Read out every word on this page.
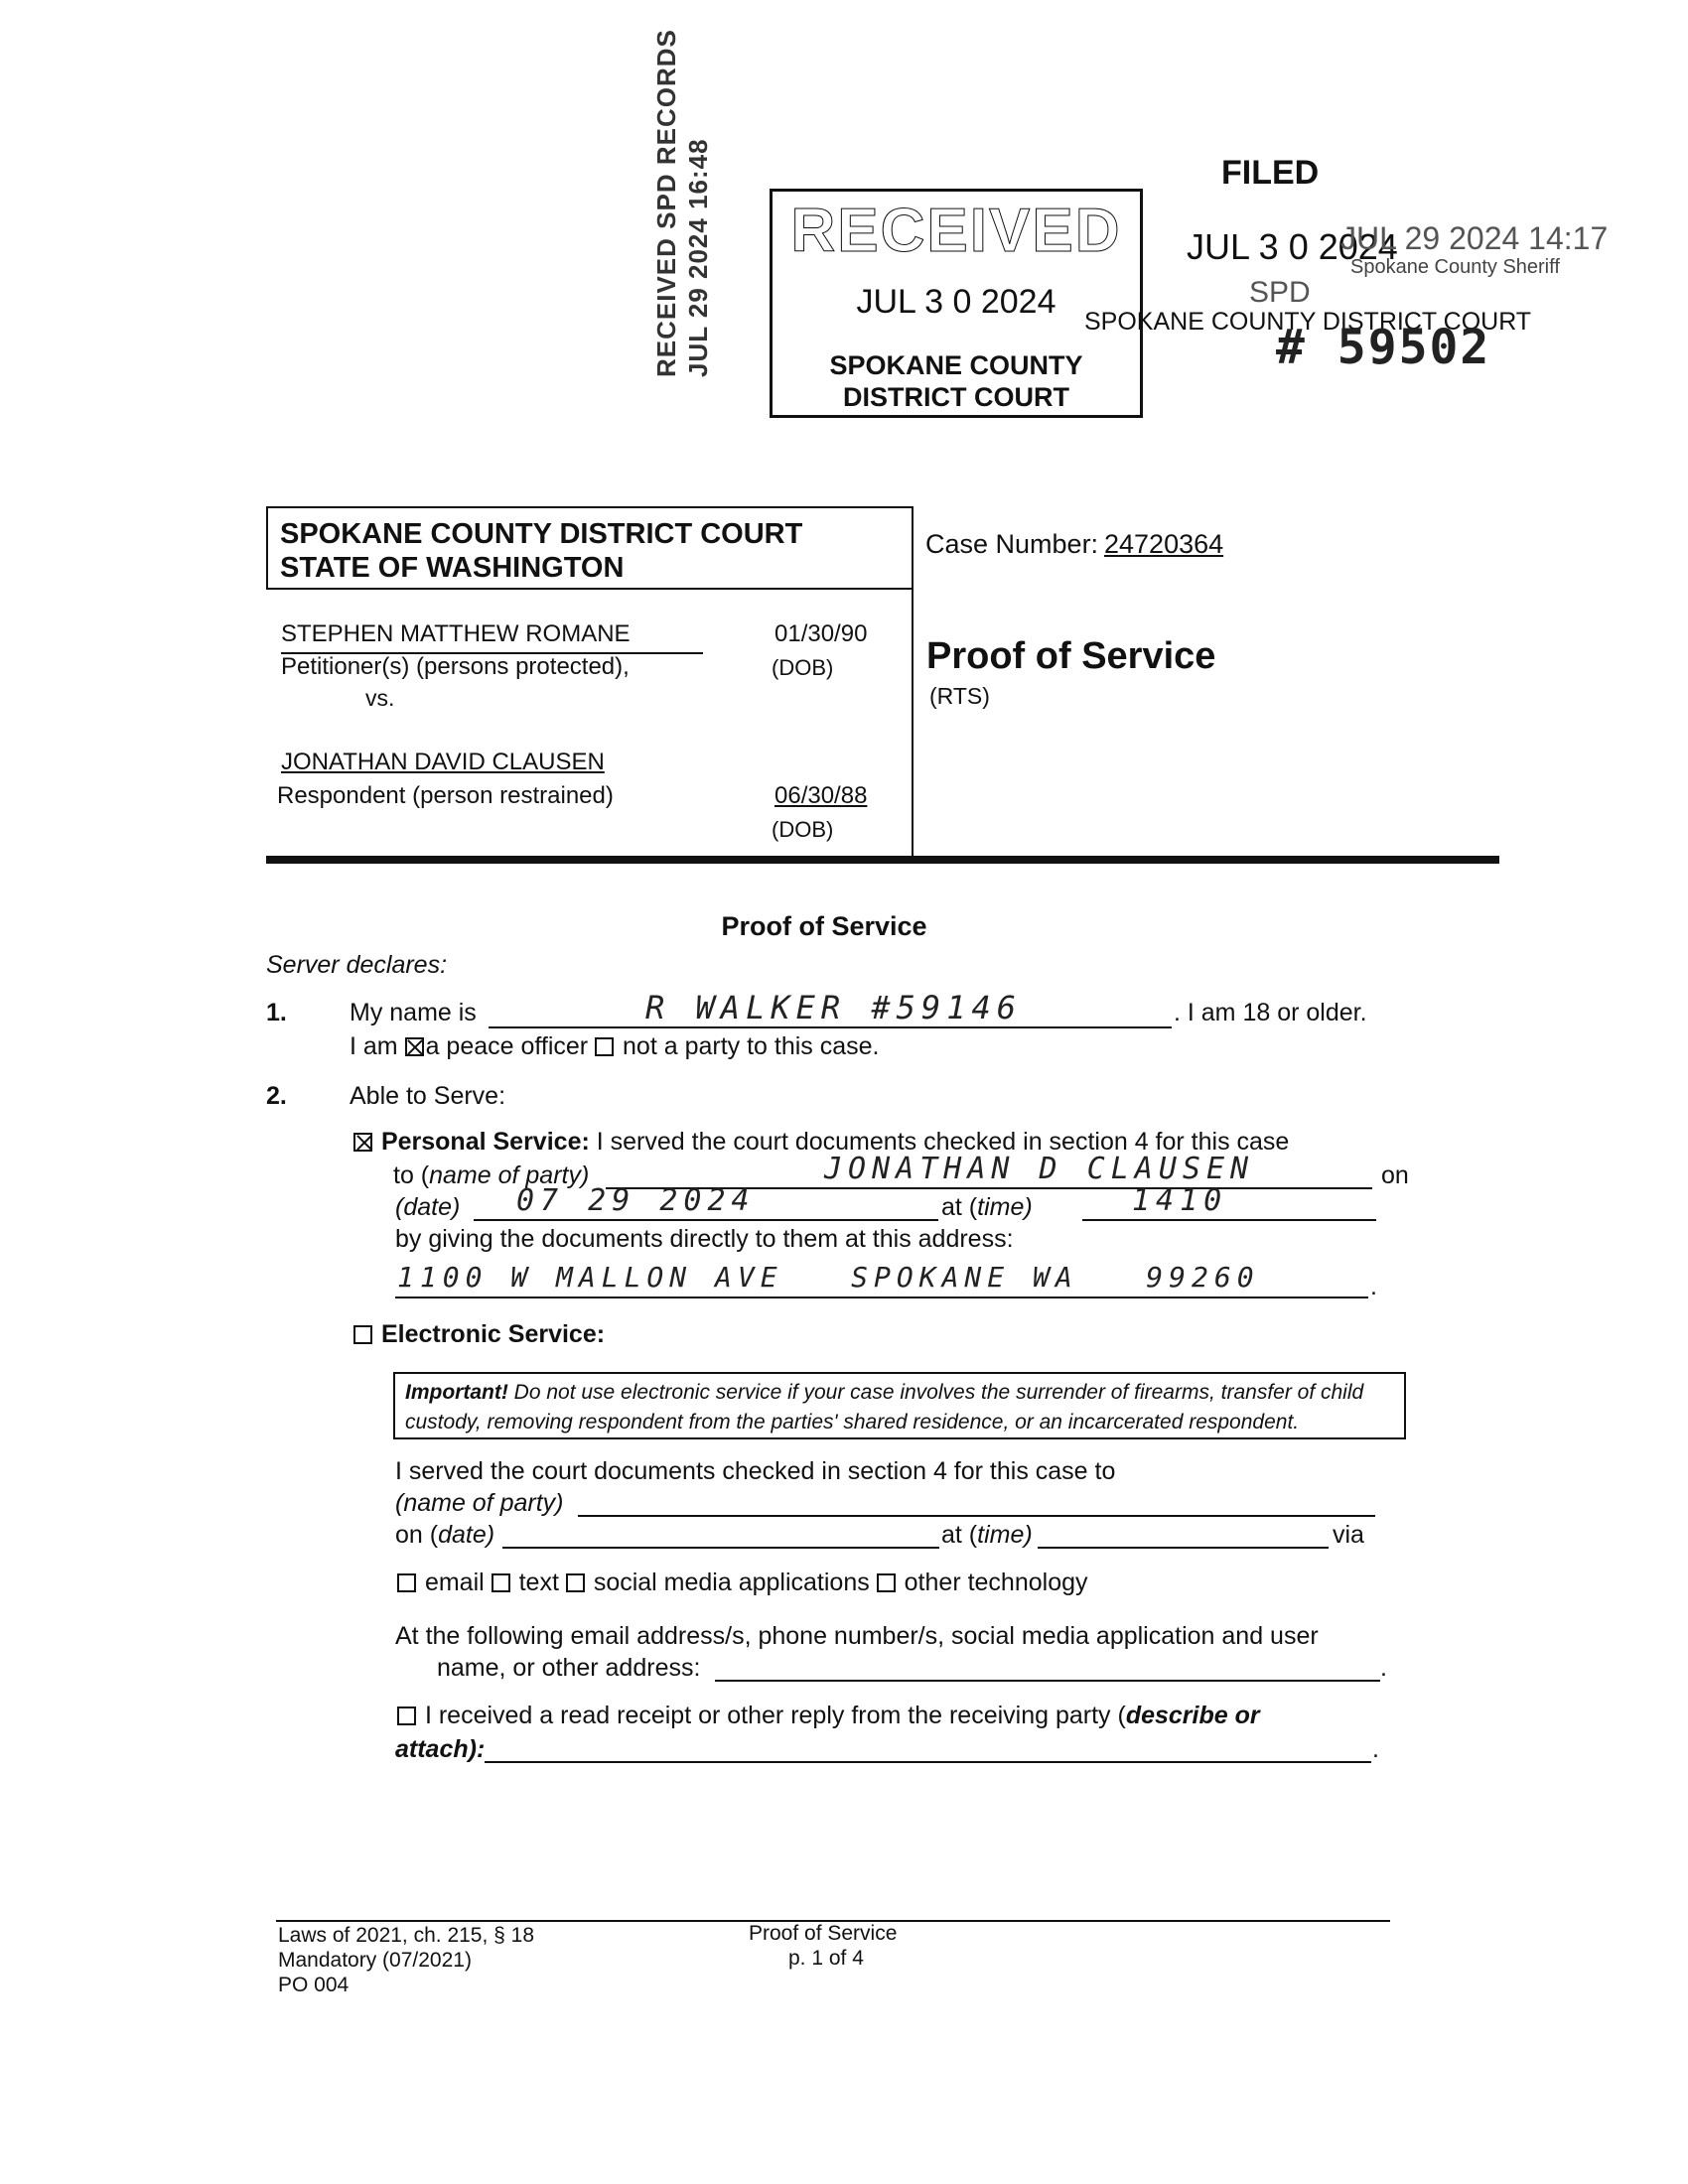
RECEIVED SPD RECORDS JUL 29 2024 16:48 RECEIVED
JUL 3 0 2024
SPOKANE COUNTY
DISTRICT COURT
FILED
JUL 3 0 2024
SPOKANE COUNTY DISTRICT COURT
JUL 29 2024 14:17
Spokane County Sheriff
SPD
# 59502
SPOKANE COUNTY DISTRICT COURT
STATE OF WASHINGTON
STEPHEN MATTHEW ROMANE
Petitioner(s) (persons protected),
01/30/90
(DOB)
vs.
JONATHAN DAVID CLAUSEN
Respondent (person restrained)	06/30/88
(DOB)
Case Number: 24720364
Proof of Service
(RTS)
Proof of Service
Server declares:
1.	My name is	R WALKER #59146	. I am 18 or older.
I am a peace officer not a party to this case.
2.	Able to Serve:
Personal Service: I served the court documents checked in section 4 for this case
to (name of party)	JONATHAN D CLAUSEN	on
(date) 07 29 2024	at (time)	1410
by giving the documents directly to them at this address:
1100 W MALLON AVE   SPOKANE WA   99260	.
Electronic Service:
Important! Do not use electronic service if your case involves the surrender of firearms, transfer of child custody, removing respondent from the parties' shared residence, or an incarcerated respondent.
I served the court documents checked in section 4 for this case to
(name of party)
on (date)	at (time)	via
email text social media applications other technology
At the following email address/s, phone number/s, social media application and user
name, or other address:	.
I received a read receipt or other reply from the receiving party (describe or
attach):	.
Laws of 2021, ch. 215, § 18
Mandatory (07/2021)
PO 004
Proof of Service
p. 1 of 4
